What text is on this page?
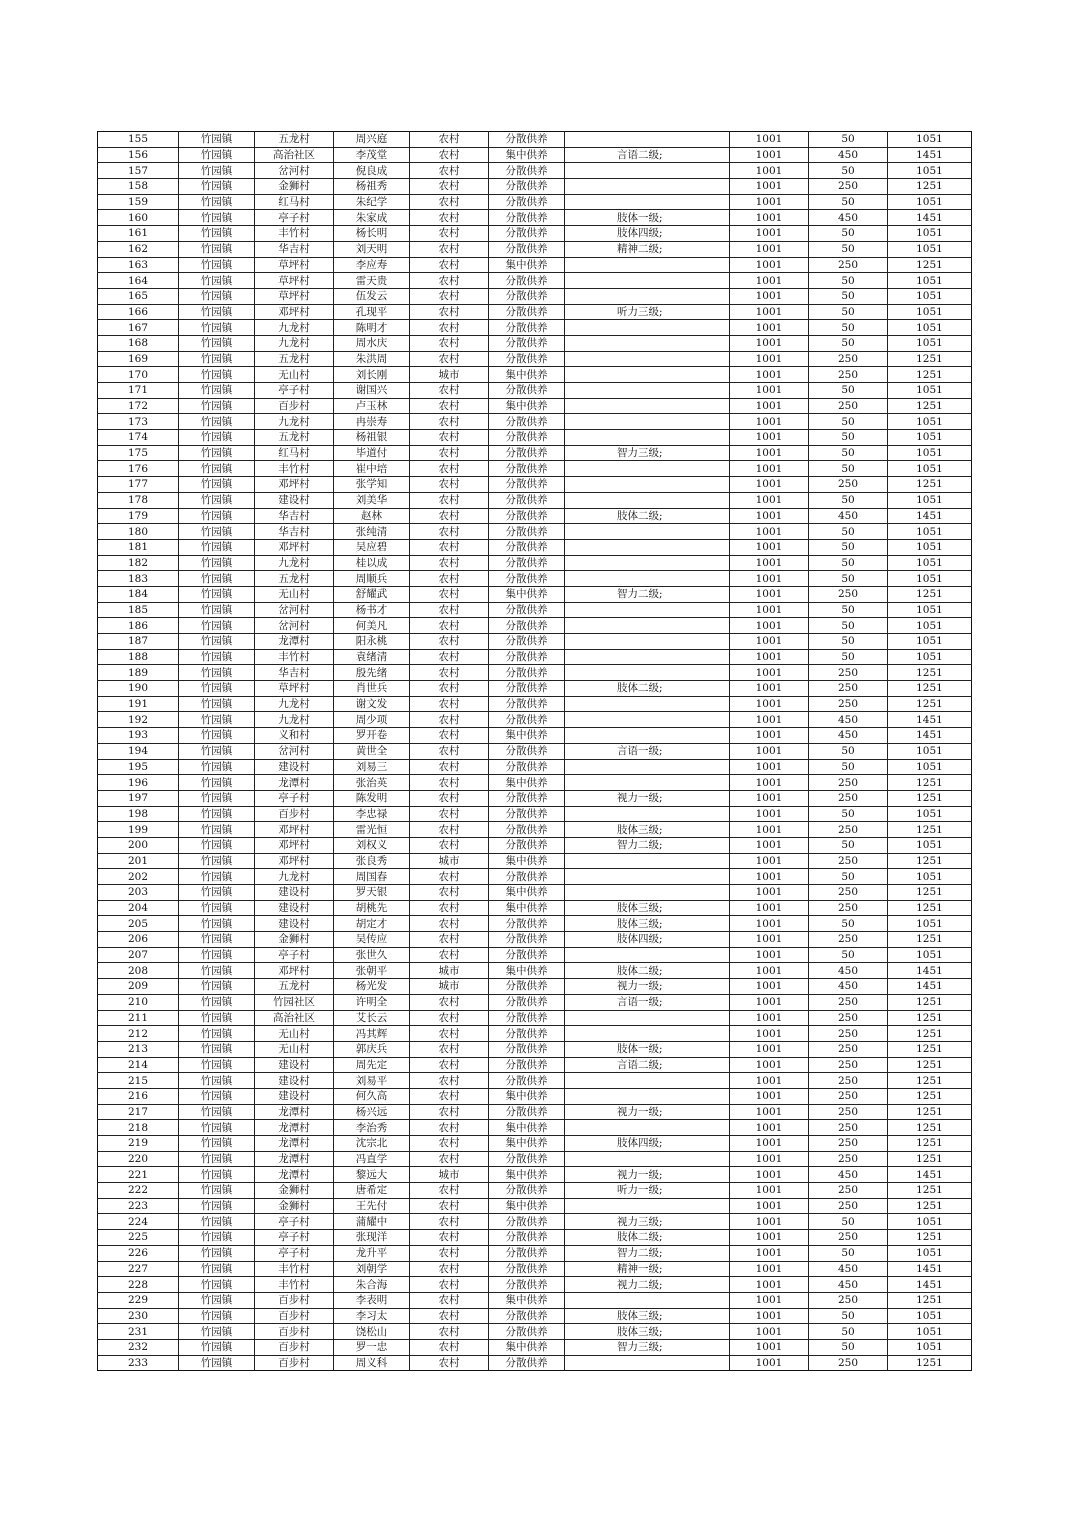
155	竹园镇	五龙村	周兴庭	农村	分散供养		1001	50	1051
156	竹园镇	高治社区	李茂堂	农村	集中供养	言语二级;	1001	450	1451
157	竹园镇	岔河村	倪良成	农村	分散供养		1001	50	1051
158	竹园镇	金狮村	杨祖秀	农村	分散供养		1001	250	1251
159	竹园镇	红马村	朱纪学	农村	分散供养		1001	50	1051
160	竹园镇	亭子村	朱家成	农村	分散供养	肢体一级;	1001	450	1451
161	竹园镇	丰竹村	杨长明	农村	分散供养	肢体四级;	1001	50	1051
162	竹园镇	华吉村	刘天明	农村	分散供养	精神二级;	1001	50	1051
163	竹园镇	草坪村	李应寿	农村	集中供养		1001	250	1251
164	竹园镇	草坪村	雷天贵	农村	分散供养		1001	50	1051
165	竹园镇	草坪村	伍发云	农村	分散供养		1001	50	1051
166	竹园镇	邓坪村	孔现平	农村	分散供养	听力三级;	1001	50	1051
167	竹园镇	九龙村	陈明才	农村	分散供养		1001	50	1051
168	竹园镇	九龙村	周水庆	农村	分散供养		1001	50	1051
169	竹园镇	五龙村	朱洪周	农村	分散供养		1001	250	1251
170	竹园镇	无山村	刘长刚	城市	集中供养		1001	250	1251
171	竹园镇	亭子村	谢国兴	农村	分散供养		1001	50	1051
172	竹园镇	百步村	卢玉林	农村	集中供养		1001	250	1251
173	竹园镇	九龙村	冉崇寿	农村	分散供养		1001	50	1051
174	竹园镇	五龙村	杨祖银	农村	分散供养		1001	50	1051
175	竹园镇	红马村	毕道付	农村	分散供养	智力三级;	1001	50	1051
176	竹园镇	丰竹村	崔中培	农村	分散供养		1001	50	1051
177	竹园镇	邓坪村	张学知	农村	分散供养		1001	250	1251
178	竹园镇	建设村	刘美华	农村	分散供养		1001	50	1051
179	竹园镇	华吉村	赵林	农村	分散供养	肢体二级;	1001	450	1451
180	竹园镇	华吉村	张纯清	农村	分散供养		1001	50	1051
181	竹园镇	邓坪村	吴应碧	农村	分散供养		1001	50	1051
182	竹园镇	九龙村	桂以成	农村	分散供养		1001	50	1051
183	竹园镇	五龙村	周顺兵	农村	分散供养		1001	50	1051
184	竹园镇	无山村	舒耀武	农村	集中供养	智力二级;	1001	250	1251
185	竹园镇	岔河村	杨书才	农村	分散供养		1001	50	1051
186	竹园镇	岔河村	何美凡	农村	分散供养		1001	50	1051
187	竹园镇	龙潭村	阳永桃	农村	分散供养		1001	50	1051
188	竹园镇	丰竹村	袁绪清	农村	分散供养		1001	50	1051
189	竹园镇	华吉村	殷先绪	农村	分散供养		1001	250	1251
190	竹园镇	草坪村	肖世兵	农村	分散供养	肢体二级;	1001	250	1251
191	竹园镇	九龙村	谢文发	农村	分散供养		1001	250	1251
192	竹园镇	九龙村	周少项	农村	分散供养		1001	450	1451
193	竹园镇	义和村	罗开卷	农村	集中供养		1001	450	1451
194	竹园镇	岔河村	黄世全	农村	分散供养	言语一级;	1001	50	1051
195	竹园镇	建设村	刘易三	农村	分散供养		1001	50	1051
196	竹园镇	龙潭村	张治英	农村	集中供养		1001	250	1251
197	竹园镇	亭子村	陈发明	农村	分散供养	视力一级;	1001	250	1251
198	竹园镇	百步村	李忠禄	农村	分散供养		1001	50	1051
199	竹园镇	邓坪村	雷光恒	农村	分散供养	肢体三级;	1001	250	1251
200	竹园镇	邓坪村	刘权义	农村	分散供养	智力二级;	1001	50	1051
201	竹园镇	邓坪村	张良秀	城市	集中供养		1001	250	1251
202	竹园镇	九龙村	周国春	农村	分散供养		1001	50	1051
203	竹园镇	建设村	罗天银	农村	集中供养		1001	250	1251
204	竹园镇	建设村	胡桃先	农村	集中供养	肢体三级;	1001	250	1251
205	竹园镇	建设村	胡定才	农村	分散供养	肢体三级;	1001	50	1051
206	竹园镇	金狮村	吴传应	农村	分散供养	肢体四级;	1001	250	1251
207	竹园镇	亭子村	张世久	农村	分散供养		1001	50	1051
208	竹园镇	邓坪村	张朝平	城市	集中供养	肢体二级;	1001	450	1451
209	竹园镇	五龙村	杨光发	城市	分散供养	视力一级;	1001	450	1451
210	竹园镇	竹园社区	许明全	农村	分散供养	言语一级;	1001	250	1251
211	竹园镇	高治社区	艾长云	农村	分散供养		1001	250	1251
212	竹园镇	无山村	冯其辉	农村	分散供养		1001	250	1251
213	竹园镇	无山村	郭庆兵	农村	分散供养	肢体一级;	1001	250	1251
214	竹园镇	建设村	周先定	农村	分散供养	言语二级;	1001	250	1251
215	竹园镇	建设村	刘易平	农村	分散供养		1001	250	1251
216	竹园镇	建设村	何久高	农村	集中供养		1001	250	1251
217	竹园镇	龙潭村	杨兴远	农村	分散供养	视力一级;	1001	250	1251
218	竹园镇	龙潭村	李治秀	农村	集中供养		1001	250	1251
219	竹园镇	龙潭村	沈宗北	农村	集中供养	肢体四级;	1001	250	1251
220	竹园镇	龙潭村	冯直学	农村	分散供养		1001	250	1251
221	竹园镇	龙潭村	黎远大	城市	集中供养	视力一级;	1001	450	1451
222	竹园镇	金狮村	唐希定	农村	分散供养	听力一级;	1001	250	1251
223	竹园镇	金狮村	王先付	农村	集中供养		1001	250	1251
224	竹园镇	亭子村	蒲耀中	农村	分散供养	视力三级;	1001	50	1051
225	竹园镇	亭子村	张现洋	农村	分散供养	肢体二级;	1001	250	1251
226	竹园镇	亭子村	龙升平	农村	分散供养	智力二级;	1001	50	1051
227	竹园镇	丰竹村	刘朝学	农村	分散供养	精神一级;	1001	450	1451
228	竹园镇	丰竹村	朱合海	农村	分散供养	视力二级;	1001	450	1451
229	竹园镇	百步村	李表明	农村	集中供养		1001	250	1251
230	竹园镇	百步村	李习太	农村	分散供养	肢体三级;	1001	50	1051
231	竹园镇	百步村	饶松山	农村	分散供养	肢体三级;	1001	50	1051
232	竹园镇	百步村	罗一忠	农村	集中供养	智力三级;	1001	50	1051
233	竹园镇	百步村	周义科	农村	分散供养		1001	250	1251
